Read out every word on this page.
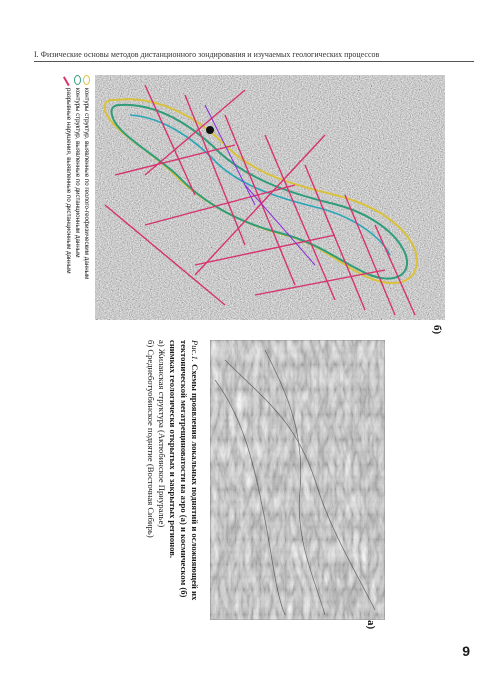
I. Физические основы методов дистанционного зондирования и изучаемых геологических процессов
б)
контуры структур, выявленные по геолого-геофизическим данным
контуры структур, выявленные по дистанционным данным
разрывные нарушения, выявленные по дистанционным данным
а)
Рис.1. Схемы проявления локальных поднятий и осложняющей их тектонической мегатрещиноватости на аэро (а) и космическом (б) снимках геологически открытых и закрытых регионов.
а) Жиланская структура (Актюбинское Приуралье)
б) Среднеботуобинское поднятие (Восточная Сибирь)
9
